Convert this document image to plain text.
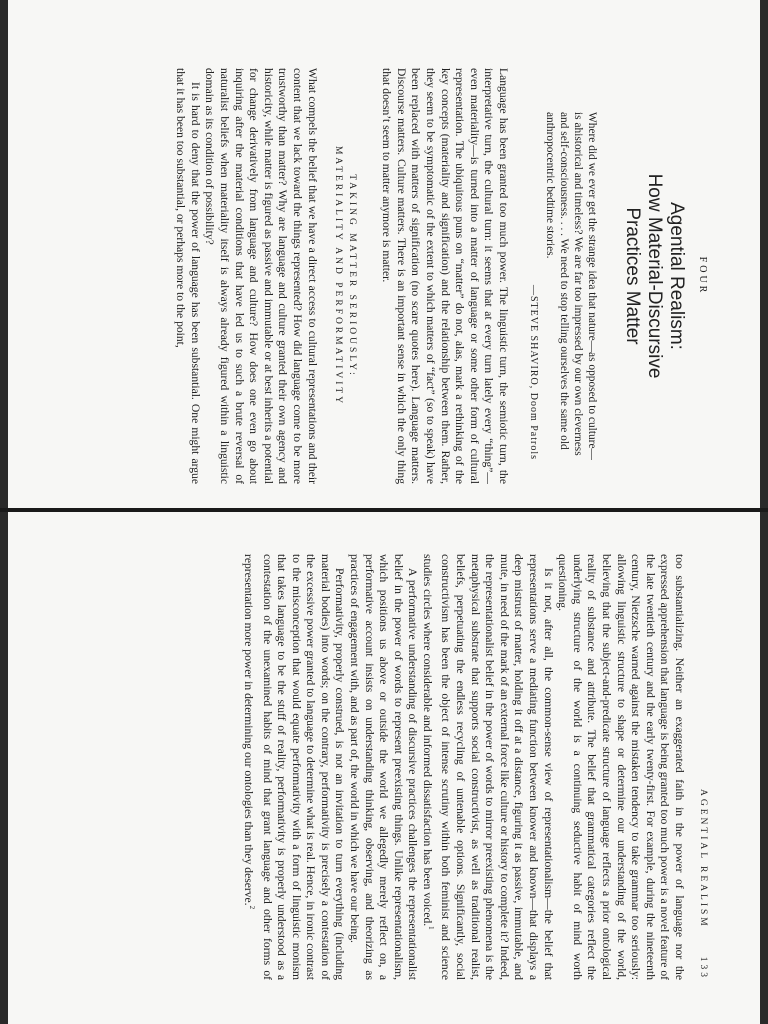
FOUR
Agential Realism:
How Material-Discursive
Practices Matter
Where did we ever get the strange idea that nature—as opposed to culture—is ahistorical and timeless? We are far too impressed by our own cleverness and self-consciousness. . . . We need to stop telling ourselves the same old anthropocentric bedtime stories.
—STEVE SHAVIRO, Doom Patrols

Language has been granted too much power. The linguistic turn, the semiotic turn, the interpretative turn, the cultural turn: it seems that at every turn lately every “thing”—even materiality—is turned into a matter of language or some other form of cultural representation. The ubiquitous puns on “matter” do not, alas, mark a rethinking of the key concepts (materiality and signification) and the relationship between them. Rather, they seem to be symptomatic of the extent to which matters of “fact” (so to speak) have been replaced with matters of signification (no scare quotes here). Language matters. Discourse matters. Culture matters. There is an important sense in which the only thing that doesn’t seem to matter anymore is matter.

TAKING MATTER SERIOUSLY:
MATERIALITY AND PERFORMATIVITY

What compels the belief that we have a direct access to cultural representations and their content that we lack toward the things represented? How did language come to be more trustworthy than matter? Why are language and culture granted their own agency and historicity, while matter is figured as passive and immutable or at best inherits a potential for change derivatively from language and culture? How does one even go about inquiring after the material conditions that have led us to such a brute reversal of naturalist beliefs when materiality itself is always already figured within a linguistic domain as its condition of possibility?

It is hard to deny that the power of language has been substantial. One might argue that it has been too substantial, or perhaps more to the point,

AGENTIAL REALISM
133

too substantializing. Neither an exaggerated faith in the power of language nor the expressed apprehension that language is being granted too much power is a novel feature of the late twentieth century and the early twenty-first. For example, during the nineteenth century, Nietzsche warned against the mistaken tendency to take grammar too seriously: allowing linguistic structure to shape or determine our understanding of the world, believing that the subject-and-predicate structure of language reflects a prior ontological reality of substance and attribute. The belief that grammatical categories reflect the underlying structure of the world is a continuing seductive habit of mind worth questioning.

Is it not, after all, the common-sense view of representationalism—the belief that representations serve a mediating function between knower and known—that displays a deep mistrust of matter, holding it off at a distance, figuring it as passive, immutable, and mute, in need of the mark of an external force like culture or history to complete it? Indeed, the representationalist belief in the power of words to mirror preexisting phenomena is the metaphysical substrate that supports social constructivist, as well as traditional realist, beliefs, perpetuating the endless recycling of untenable options. Significantly, social constructivism has been the object of intense scrutiny within both feminist and science studies circles where considerable and informed dissatisfaction has been voiced.$^1$

A performative understanding of discursive practices challenges the representationalist belief in the power of words to represent preexisting things. Unlike representationalism, which positions us above or outside the world we allegedly merely reflect on, a performative account insists on understanding thinking, observing, and theorizing as practices of engagement with, and as part of, the world in which we have our being.

Performativity, properly construed, is not an invitation to turn everything (including material bodies) into words; on the contrary, performativity is precisely a contestation of the excessive power granted to language to determine what is real. Hence, in ironic contrast to the misconception that would equate performativity with a form of linguistic monism that takes language to be the stuff of reality, performativity is properly understood as a contestation of the unexamined habits of mind that grant language and other forms of representation more power in determining our ontologies than they deserve.$^2$
